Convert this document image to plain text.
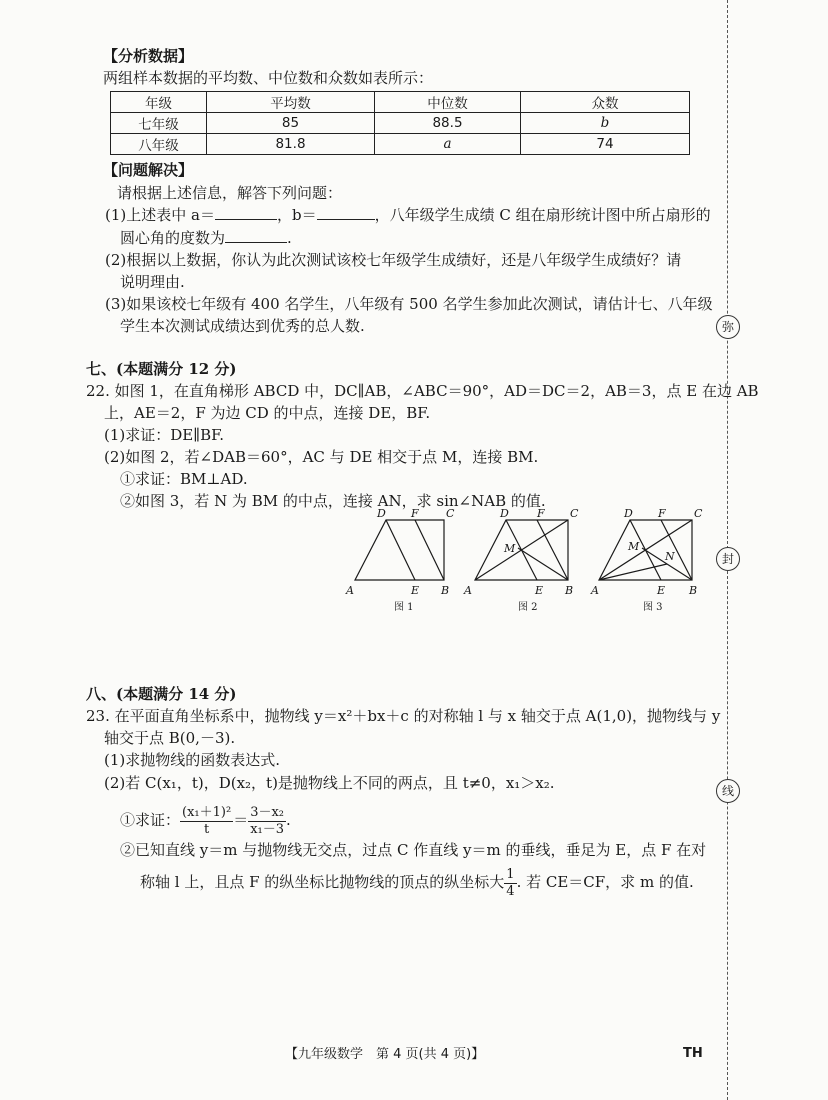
弥
封
线
【分析数据】
两组样本数据的平均数、中位数和众数如表所示：
年级	平均数	中位数	众数
七年级	85	88.5	b
八年级	81.8	a	74
【问题解决】
请根据上述信息，解答下列问题：
(1)上述表中 a＝	，b＝	，八年级学生成绩 C 组在扇形统计图中所占扇形的
圆心角的度数为	.
(2)根据以上数据，你认为此次测试该校七年级学生成绩好，还是八年级学生成绩好？请
说明理由.
(3)如果该校七年级有 400 名学生，八年级有 500 名学生参加此次测试，请估计七、八年级
学生本次测试成绩达到优秀的总人数.
七、(本题满分 12 分)
22. 如图 1，在直角梯形 ABCD 中，DC∥AB，∠ABC＝90°，AD＝DC＝2，AB＝3，点 E 在边 AB
上，AE＝2，F 为边 CD 的中点，连接 DE，BF.
(1)求证：DE∥BF.
(2)如图 2，若∠DAB＝60°，AC 与 DE 相交于点 M，连接 BM.
①求证：BM⊥AD.
②如图 3，若 N 为 BM 的中点，连接 AN，求 sin∠NAB 的值.
D F C
A	E B
图 1
D	F C
M
A	E B
图 2
D F	C
M
N
A	E B
图 3
八、(本题满分 14 分)
23. 在平面直角坐标系中，抛物线 y＝x²＋bx＋c 的对称轴 l 与 x 轴交于点 A(1,0)，抛物线与 y
轴交于点 B(0,－3).
(1)求抛物线的函数表达式.
(2)若 C(x₁，t)，D(x₂，t)是抛物线上不同的两点，且 t≠0，x₁＞x₂.
①求证： $\frac{\text{(x₁＋1)²}}{t} = \frac{\text{3－x₂}}{\text{x₁－3}}$ .
②已知直线 y＝m 与抛物线无交点，过点 C 作直线 y＝m 的垂线，垂足为 E，点 F 在对
称轴 l 上，且点 F 的纵坐标比抛物线的顶点的纵坐标大 $\frac{1}{4}$ . 若 CE＝CF，求 m 的值.
【九年级数学　第 4 页(共 4 页)】	TH
